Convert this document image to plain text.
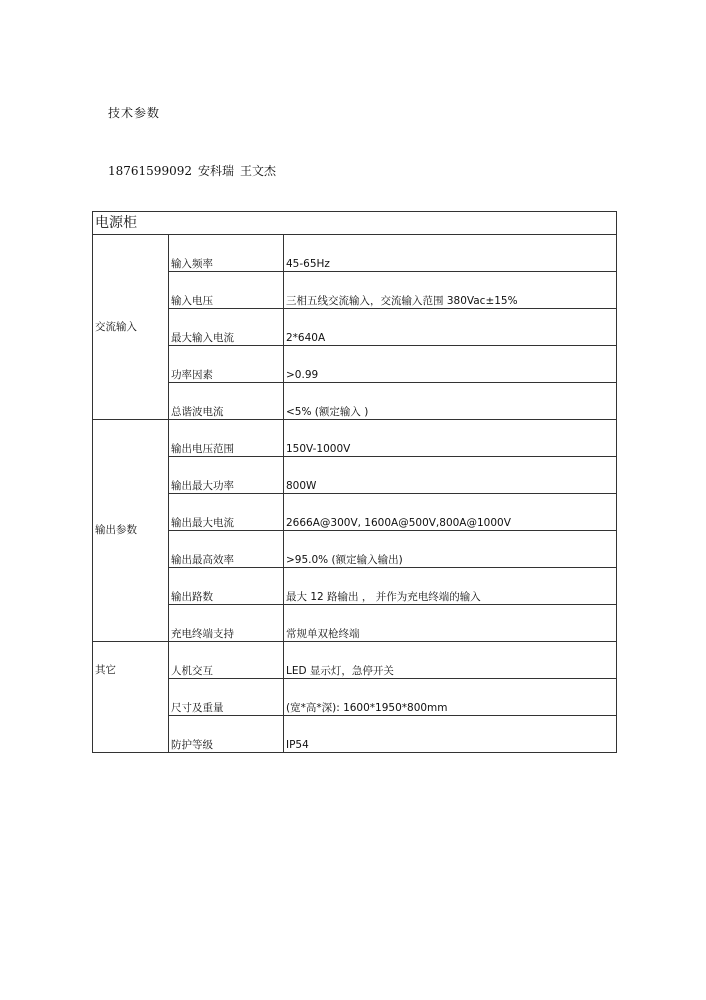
技术参数
18761599092 安科瑞 王文杰
电源柜		
交流输入	输入频率	45-65Hz
	输入电压	三相五线交流输入，交流输入范围 380Vac±15%
	最大输入电流	2*640A
	功率因素	>0.99
	总谐波电流	<5% (额定输入 )
输出参数	输出电压范围	150V-1000V
	输出最大功率	800W
	输出最大电流	2666A@300V, 1600A@500V,800A@1000V
	输出最高效率	>95.0% (额定输入输出)
	输出路数	最大 12 路输出 ， 并作为充电终端的输入
	充电终端支持	常规单双枪终端
其它	人机交互	LED 显示灯，急停开关
	尺寸及重量	(宽*高*深): 1600*1950*800mm
	防护等级	IP54
